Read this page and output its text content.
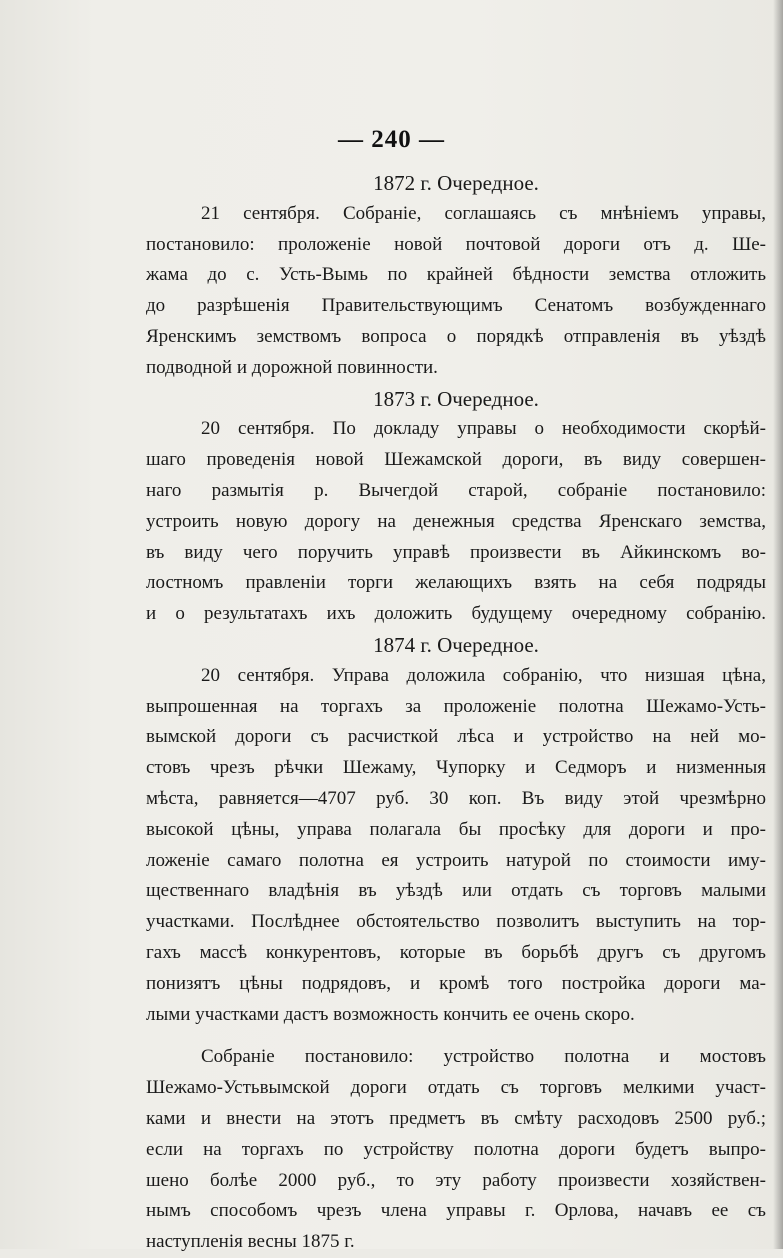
— 240 —
1872 г. Очередное.
21 сентября. Собраніе, соглашаясь съ мнѣніемъ управы,
постановило: проложеніе новой почтовой дороги отъ д. Ше-
жама до с. Усть-Вымь по крайней бѣдности земства отложить
до разрѣшенія Правительствующимъ Сенатомъ возбужденнаго
Яренскимъ земствомъ вопроса о порядкѣ отправленія въ уѣздѣ
подводной и дорожной повинности.
1873 г. Очередное.
20 сентября. По докладу управы о необходимости скорѣй-
шаго проведенія новой Шежамской дороги, въ виду совершен-
наго размытія р. Вычегдой старой, собраніе постановило:
устроить новую дорогу на денежныя средства Яренскаго земства,
въ виду чего поручить управѣ произвести въ Айкинскомъ во-
лостномъ правленіи торги желающихъ взять на себя подряды
и о результатахъ ихъ доложить будущему очередному собранію.
1874 г. Очередное.
20 сентября. Управа доложила собранію, что низшая цѣна,
выпрошенная на торгахъ за проложеніе полотна Шежамо-Усть-
вымской дороги съ расчисткой лѣса и устройство на ней мо-
стовъ чрезъ рѣчки Шежаму, Чупорку и Седморъ и низменныя
мѣста, равняется—4707 руб. 30 коп. Въ виду этой чрезмѣрно
высокой цѣны, управа полагала бы просѣку для дороги и про-
ложеніе самаго полотна ея устроить натурой по стоимости иму-
щественнаго владѣнія въ уѣздѣ или отдать съ торговъ малыми
участками. Послѣднее обстоятельство позволитъ выступить на тор-
гахъ массѣ конкурентовъ, которые въ борьбѣ другъ съ другомъ
понизятъ цѣны подрядовъ, и кромѣ того постройка дороги ма-
лыми участками дастъ возможность кончить ее очень скоро.
Собраніе постановило: устройство полотна и мостовъ
Шежамо-Устьвымской дороги отдать съ торговъ мелкими участ-
ками и внести на этотъ предметъ въ смѣту расходовъ 2500 руб.;
если на торгахъ по устройству полотна дороги будетъ выпро-
шено болѣе 2000 руб., то эту работу произвести хозяйствен-
нымъ способомъ чрезъ члена управы г. Орлова, начавъ ее съ
наступленія весны 1875 г.
